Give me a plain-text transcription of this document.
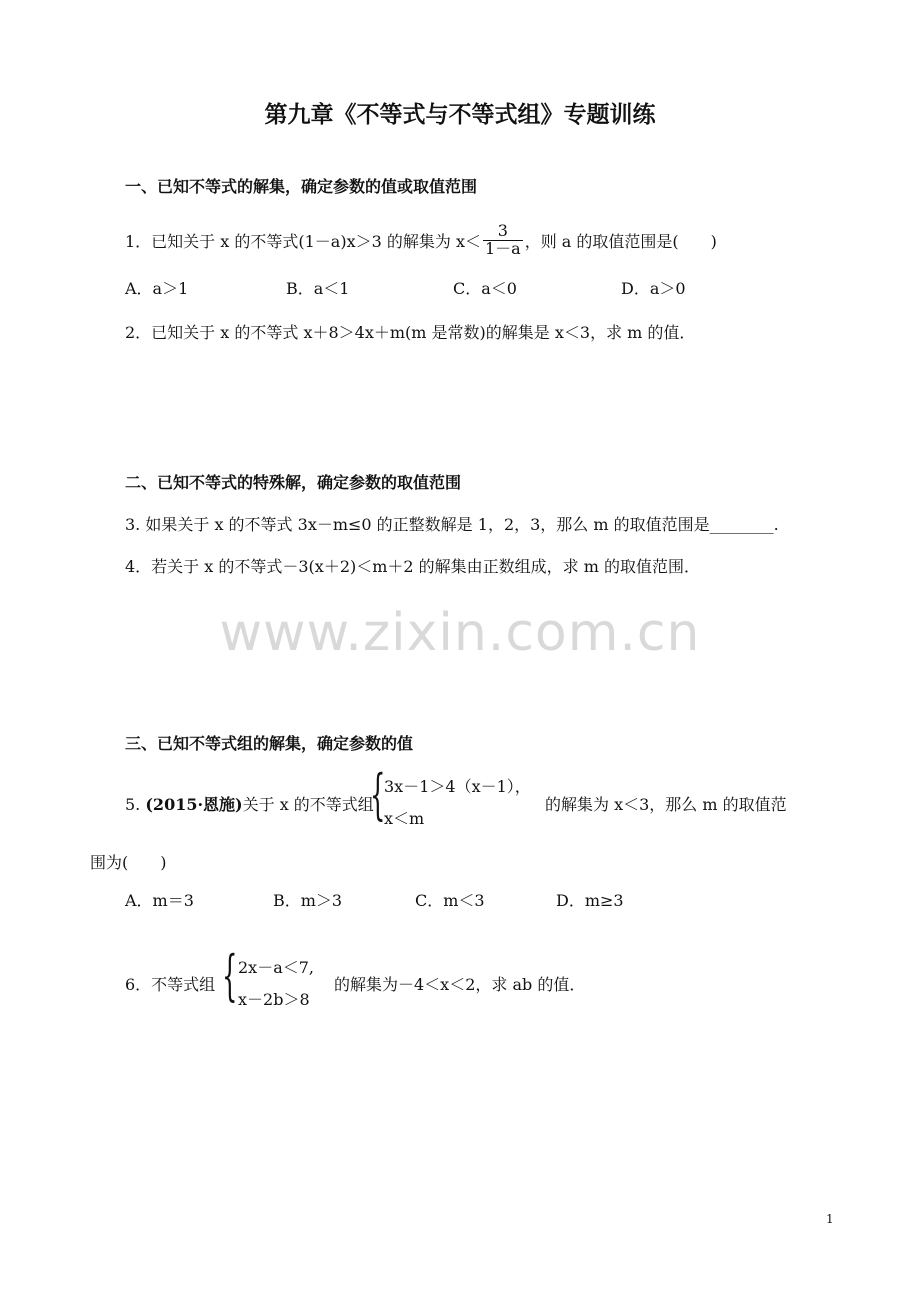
第九章《不等式与不等式组》专题训练
一、已知不等式的解集，确定参数的值或取值范围
1．已知关于 x 的不等式(1－a)x＞3 的解集为 $x< \frac{3}{1-a}$ ，则 a 的取值范围是(　　)
A．a＞1	B．a＜1	C．a＜0	D．a＞0
2．已知关于 x 的不等式 x＋8＞4x＋m(m 是常数)的解集是 x＜3，求 m 的值．
二、已知不等式的特殊解，确定参数的取值范围
3. 如果关于 x 的不等式 3x－m≤0 的正整数解是 1，2，3，那么 m 的取值范围是________.
4．若关于 x 的不等式－3(x＋2)＜m＋2 的解集由正数组成，求 m 的取值范围．
www.zixin.com.cn
三、已知不等式组的解集，确定参数的值
5. (2015·恩施)关于 x 的不等式组
{
3x－1＞4（x－1），
x＜m
的解集为 x＜3，那么 m 的取值范
围为(　　)
A．m＝3	B．m＞3	C．m＜3	D．m≥3
6．不等式组 { 2x－a＜7,
x－2b＞8
的解集为－4＜x＜2，求 ab 的值．
1
